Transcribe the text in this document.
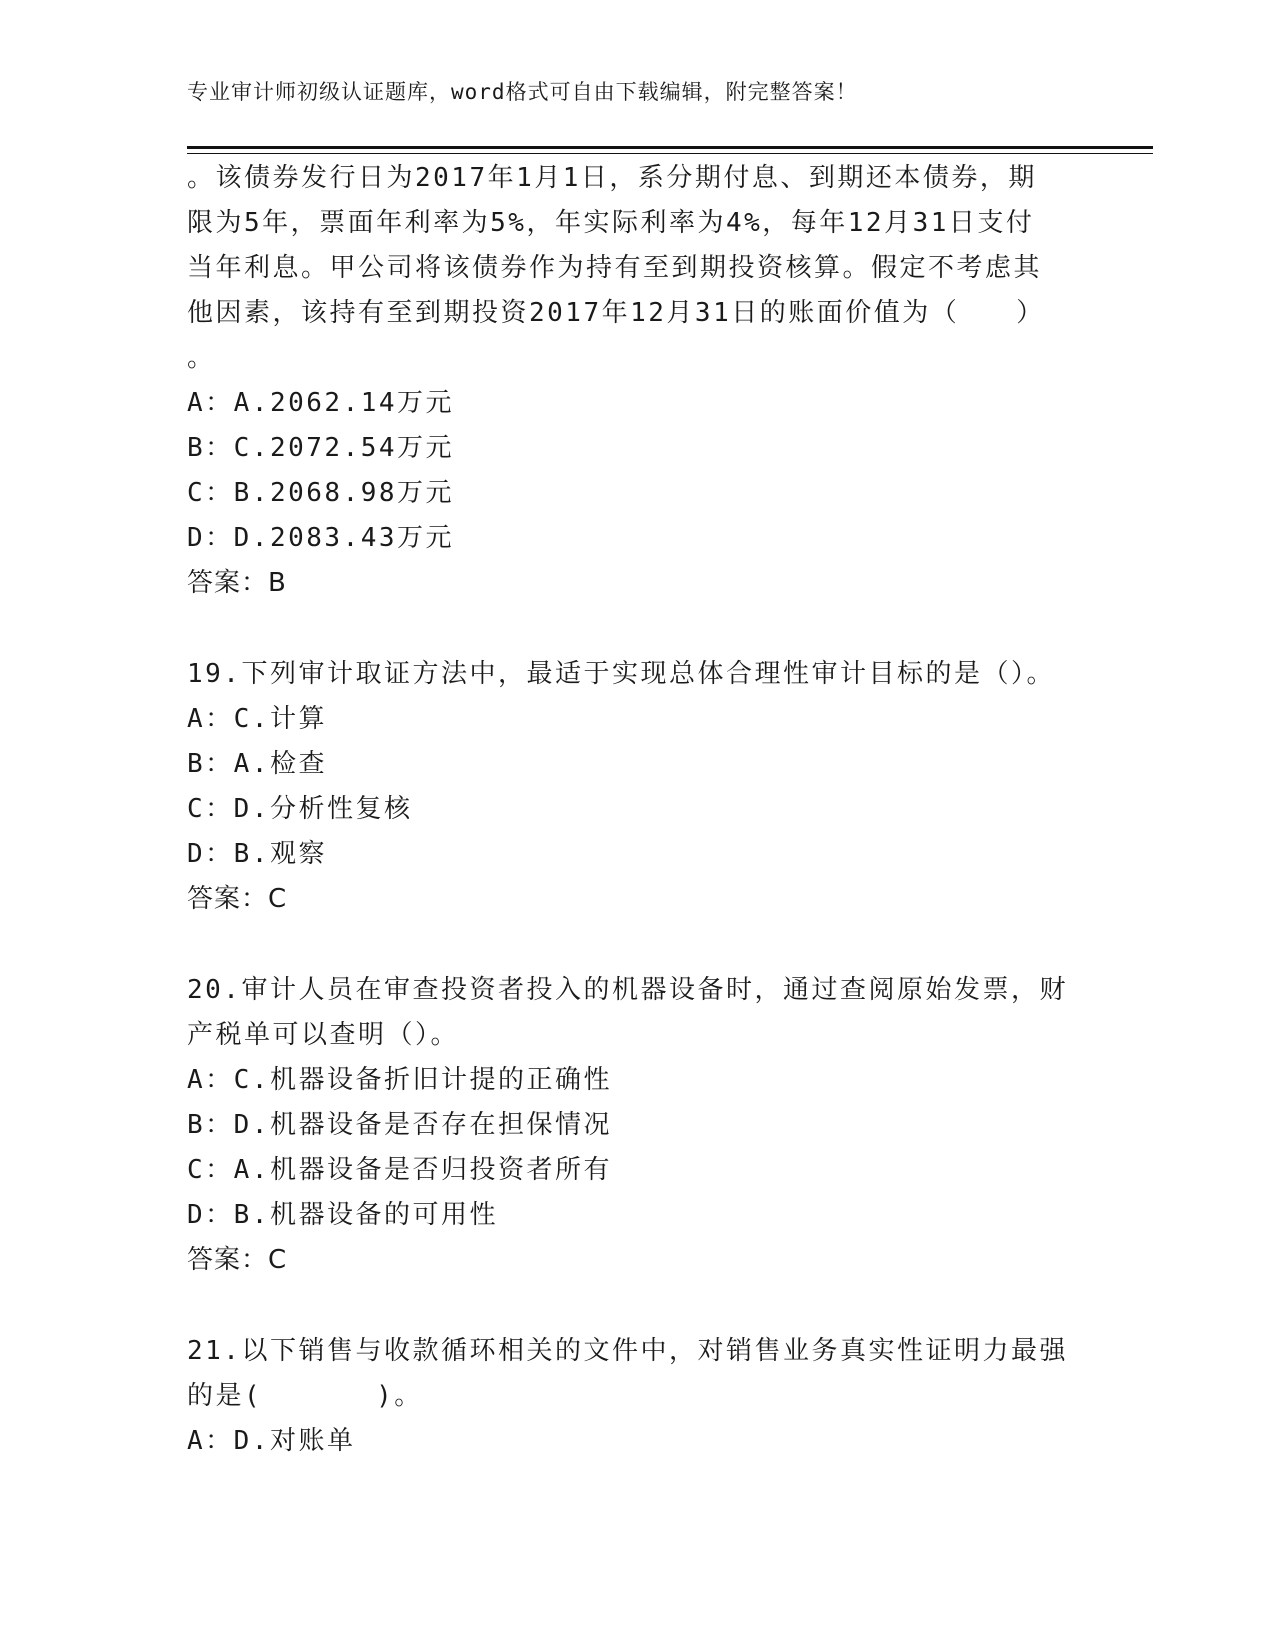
专业审计师初级认证题库，word格式可自由下载编辑，附完整答案！
。该债券发行日为2017年1月1日，系分期付息、到期还本债券，期
限为5年，票面年利率为5%，年实际利率为4%，每年12月31日支付
当年利息。甲公司将该债券作为持有至到期投资核算。假定不考虑其
他因素，该持有至到期投资2017年12月31日的账面价值为（　　）
。
A：A.2062.14万元
B：C.2072.54万元
C：B.2068.98万元
D：D.2083.43万元
答案：B
19.下列审计取证方法中，最适于实现总体合理性审计目标的是（）。
A：C.计算
B：A.检查
C：D.分析性复核
D：B.观察
答案：C
20.审计人员在审查投资者投入的机器设备时，通过查阅原始发票，财
产税单可以查明（）。
A：C.机器设备折旧计提的正确性
B：D.机器设备是否存在担保情况
C：A.机器设备是否归投资者所有
D：B.机器设备的可用性
答案：C
21.以下销售与收款循环相关的文件中，对销售业务真实性证明力最强
的是(　　　　)。
A：D.对账单
